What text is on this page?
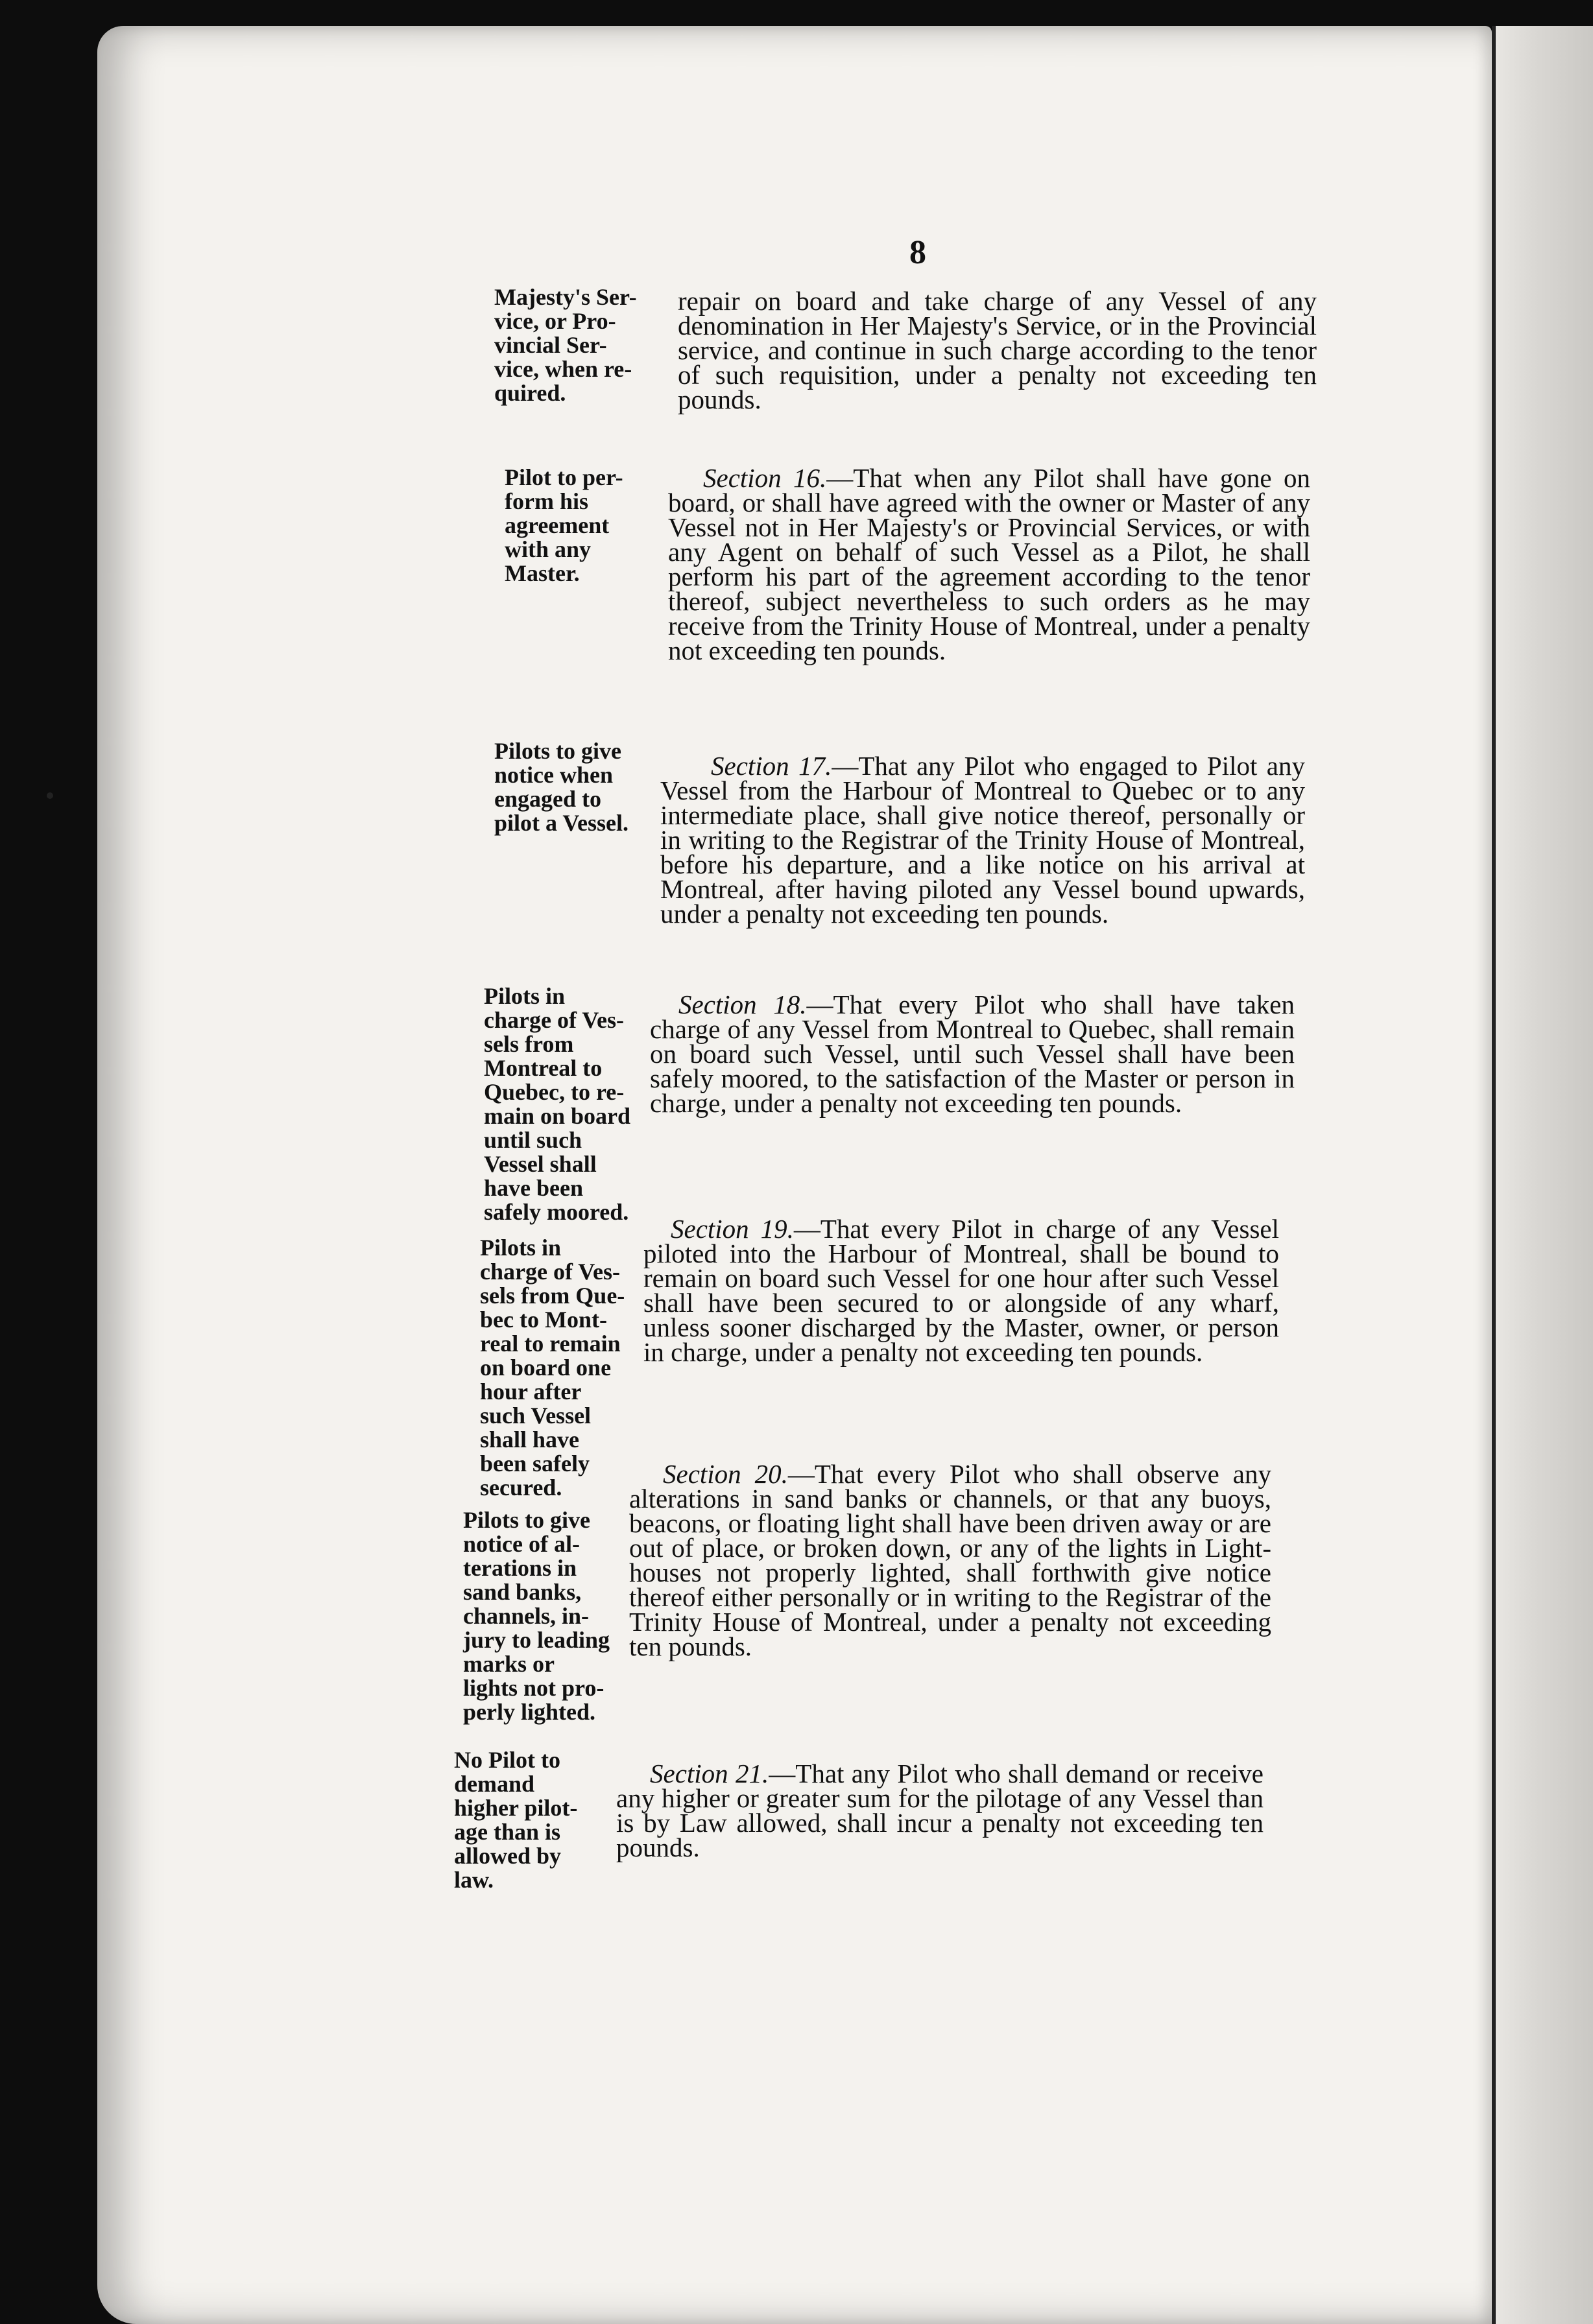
8
Majesty's Ser-
vice, or Pro-
vincial Ser-
vice, when re-
quired.
repair on board and take charge of any Vessel of any denomination in Her Majesty's Service, or in the Provincial service, and continue in such charge according to the tenor of such requisition, under a penalty not exceeding ten pounds.
Pilot to per-
form his
agreement
with any
Master.
Section 16.—That when any Pilot shall have gone on board, or shall have agreed with the owner or Master of any Vessel not in Her Majesty's or Provincial Services, or with any Agent on behalf of such Vessel as a Pilot, he shall perform his part of the agreement according to the tenor thereof, subject nevertheless to such orders as he may receive from the Trinity House of Montreal, under a penalty not exceeding ten pounds.
Pilots to give
notice when
engaged to
pilot a Vessel.
Section 17.—That any Pilot who engaged to Pilot any Vessel from the Harbour of Montreal to Quebec or to any intermediate place, shall give notice thereof, personally or in writing to the Registrar of the Trinity House of Montreal, before his departure, and a like notice on his arrival at Montreal, after having piloted any Vessel bound upwards, under a penalty not exceeding ten pounds.
Pilots in
charge of Ves-
sels from
Montreal to
Quebec, to re-
main on board
until such
Vessel shall
have been
safely moored.
Section 18.—That every Pilot who shall have taken charge of any Vessel from Montreal to Quebec, shall remain on board such Vessel, until such Vessel shall have been safely moored, to the satisfaction of the Master or person in charge, under a penalty not exceeding ten pounds.
Pilots in
charge of Ves-
sels from Que-
bec to Mont-
real to remain
on board one
hour after
such Vessel
shall have
been safely
secured.
Section 19.—That every Pilot in charge of any Vessel piloted into the Harbour of Montreal, shall be bound to remain on board such Vessel for one hour after such Vessel shall have been secured to or alongside of any wharf, unless sooner discharged by the Master, owner, or person in charge, under a penalty not exceeding ten pounds.
Pilots to give
notice of al-
terations in
sand banks,
channels, in-
jury to leading
marks or
lights not pro-
perly lighted.
Section 20.—That every Pilot who shall observe any alterations in sand banks or channels, or that any buoys, beacons, or floating light shall have been driven away or are out of place, or broken down, or any of the lights in Light-houses not properly lighted, shall forthwith give notice thereof either personally or in writing to the Registrar of the Trinity House of Montreal, under a penalty not exceeding ten pounds.
No Pilot to
demand
higher pilot-
age than is
allowed by
law.
Section 21.—That any Pilot who shall demand or receive any higher or greater sum for the pilotage of any Vessel than is by Law allowed, shall incur a penalty not exceeding ten pounds.
